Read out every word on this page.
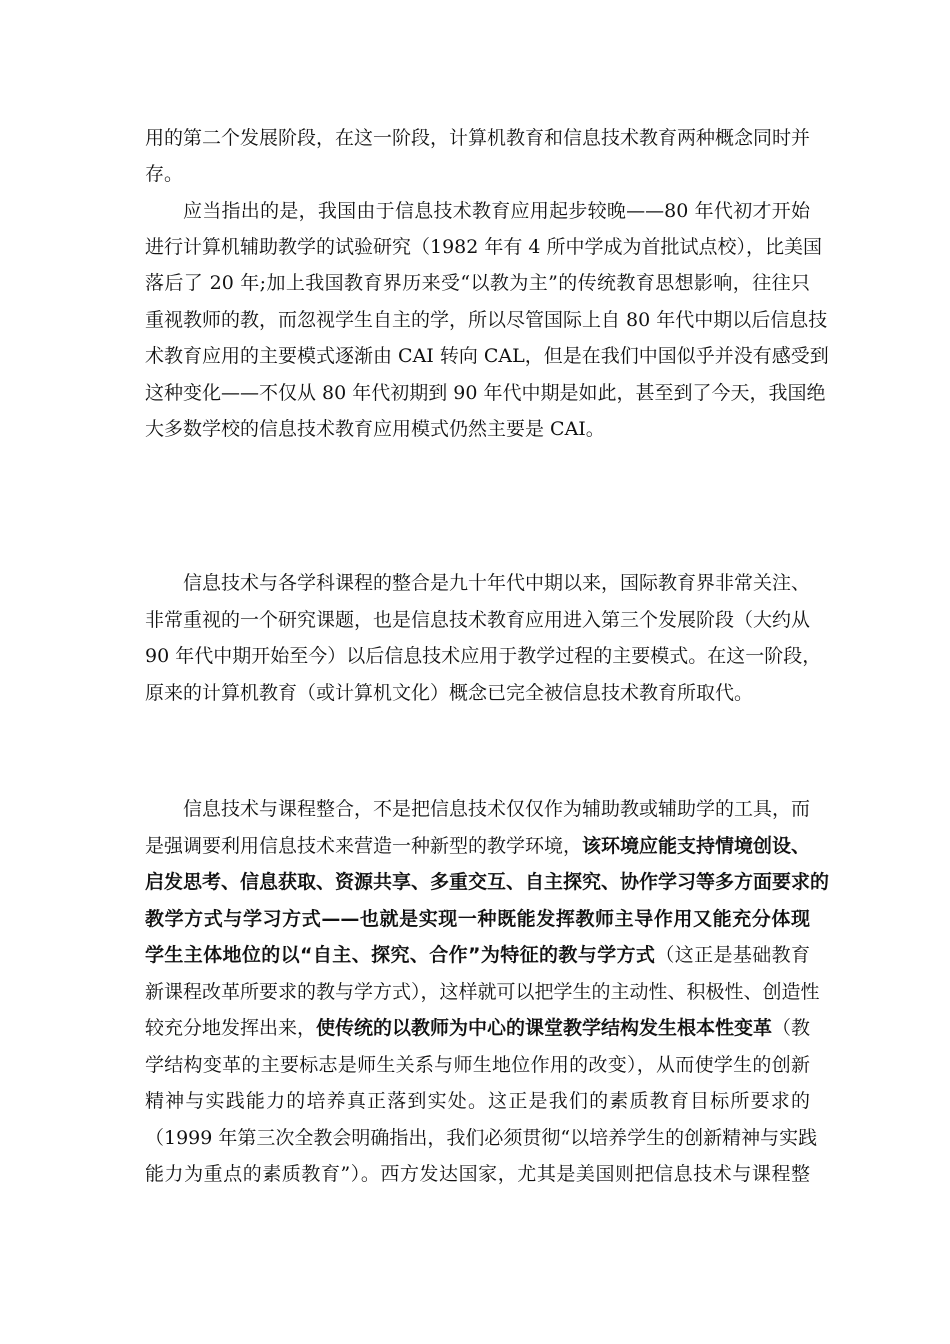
用的第二个发展阶段，在这一阶段，计算机教育和信息技术教育两种概念同时并
存。
应当指出的是，我国由于信息技术教育应用起步较晚——80 年代初才开始
进行计算机辅助教学的试验研究（1982 年有 4 所中学成为首批试点校），比美国
落后了 20 年;加上我国教育界历来受“以教为主”的传统教育思想影响，往往只
重视教师的教，而忽视学生自主的学，所以尽管国际上自 80 年代中期以后信息技
术教育应用的主要模式逐渐由 CAI 转向 CAL，但是在我们中国似乎并没有感受到
这种变化——不仅从 80 年代初期到 90 年代中期是如此，甚至到了今天，我国绝
大多数学校的信息技术教育应用模式仍然主要是 CAI。
信息技术与各学科课程的整合是九十年代中期以来，国际教育界非常关注、
非常重视的一个研究课题，也是信息技术教育应用进入第三个发展阶段（大约从
90 年代中期开始至今）以后信息技术应用于教学过程的主要模式。在这一阶段，
原来的计算机教育（或计算机文化）概念已完全被信息技术教育所取代。
信息技术与课程整合，不是把信息技术仅仅作为辅助教或辅助学的工具，而
是强调要利用信息技术来营造一种新型的教学环境，该环境应能支持情境创设、
启发思考、信息获取、资源共享、多重交互、自主探究、协作学习等多方面要求的
教学方式与学习方式——也就是实现一种既能发挥教师主导作用又能充分体现
学生主体地位的以“自主、探究、合作”为特征的教与学方式（这正是基础教育
新课程改革所要求的教与学方式），这样就可以把学生的主动性、积极性、创造性
较充分地发挥出来，使传统的以教师为中心的课堂教学结构发生根本性变革（教
学结构变革的主要标志是师生关系与师生地位作用的改变），从而使学生的创新
精神与实践能力的培养真正落到实处。这正是我们的素质教育目标所要求的
（1999 年第三次全教会明确指出，我们必须贯彻“以培养学生的创新精神与实践
能力为重点的素质教育”）。西方发达国家，尤其是美国则把信息技术与课程整
